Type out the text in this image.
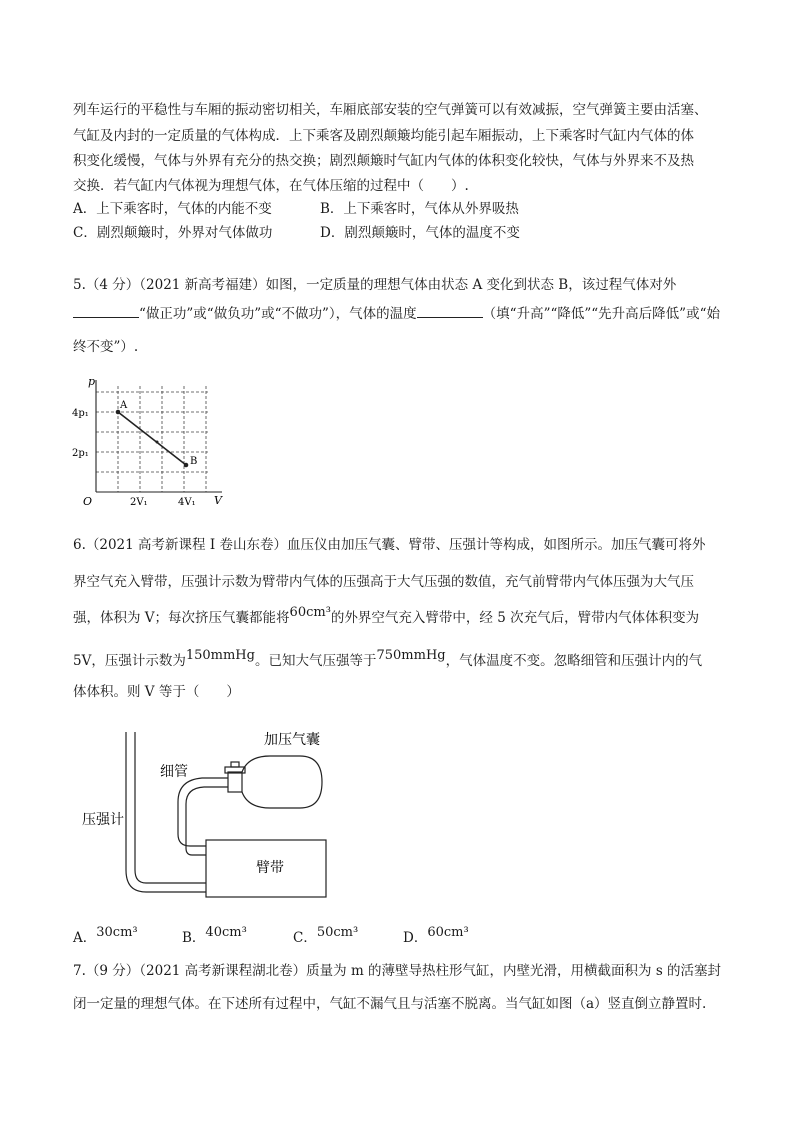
列车运行的平稳性与车厢的振动密切相关，车厢底部安装的空气弹簧可以有效减振，空气弹簧主要由活塞、
气缸及内封的一定质量的气体构成．上下乘客及剧烈颠簸均能引起车厢振动，上下乘客时气缸内气体的体
积变化缓慢，气体与外界有充分的热交换；剧烈颠簸时气缸内气体的体积变化较快，气体与外界来不及热
交换．若气缸内气体视为理想气体，在气体压缩的过程中（　　）.
A．上下乘客时，气体的内能不变	B．上下乘客时，气体从外界吸热
C．剧烈颠簸时，外界对气体做功	D．剧烈颠簸时，气体的温度不变
5.（4 分）（2021 新高考福建）如图，一定质量的理想气体由状态 A 变化到状态 B，该过程气体对外
“做正功”或“做负功”或“不做功”），气体的温度	（填“升高”“降低”“先升高后降低”或“始
终不变”）.
p
V
O
4p₁
2p₁
2V₁	4V₁
A
B
6.（2021 高考新课程 I 卷山东卷）血压仪由加压气囊、臂带、压强计等构成，如图所示。加压气囊可将外
界空气充入臂带，压强计示数为臂带内气体的压强高于大气压强的数值，充气前臂带内气体压强为大气压
强，体积为 V；每次挤压气囊都能将60cm³的外界空气充入臂带中，经 5 次充气后，臂带内气体体积变为
5V，压强计示数为150mmHg。已知大气压强等于750mmHg，气体温度不变。忽略细管和压强计内的气
体体积。则 V 等于（　　）
加压气囊
细管
压强计
臂带
A．30cm³	B．40cm³	C．50cm³	D．60cm³
7.（9 分）（2021 高考新课程湖北卷）质量为 m 的薄壁导热柱形气缸，内壁光滑，用横截面积为 s 的活塞封
闭一定量的理想气体。在下述所有过程中，气缸不漏气且与活塞不脱离。当气缸如图（a）竖直倒立静置时.
